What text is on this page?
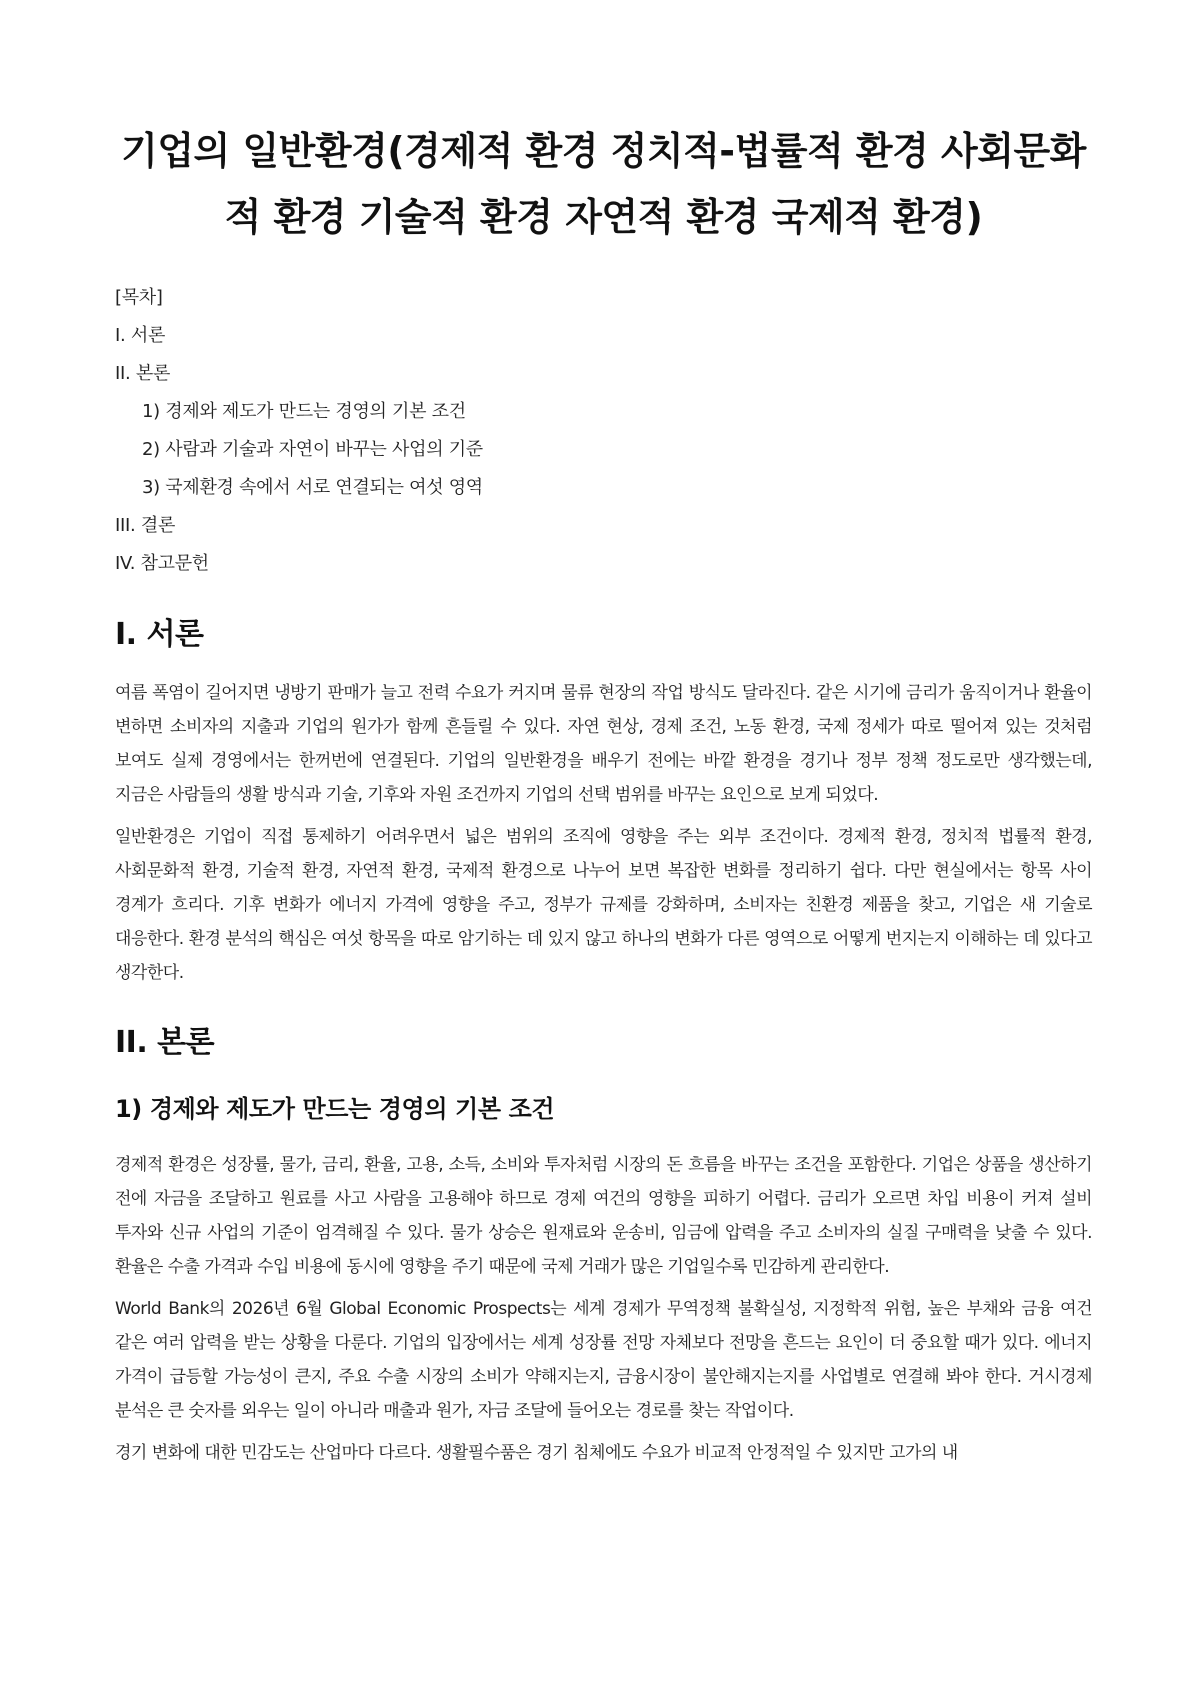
기업의 일반환경(경제적 환경 정치적-법률적 환경 사회문화적 환경 기술적 환경 자연적 환경 국제적 환경)
[목차]
I. 서론
II. 본론
1) 경제와 제도가 만드는 경영의 기본 조건
2) 사람과 기술과 자연이 바꾸는 사업의 기준
3) 국제환경 속에서 서로 연결되는 여섯 영역
III. 결론
IV. 참고문헌
I. 서론

여름 폭염이 길어지면 냉방기 판매가 늘고 전력 수요가 커지며 물류 현장의 작업 방식도 달라진다. 같은 시기에 금리가 움직이거나 환율이 변하면 소비자의 지출과 기업의 원가가 함께 흔들릴 수 있다. 자연 현상, 경제 조건, 노동 환경, 국제 정세가 따로 떨어져 있는 것처럼 보여도 실제 경영에서는 한꺼번에 연결된다. 기업의 일반환경을 배우기 전에는 바깥 환경을 경기나 정부 정책 정도로만 생각했는데, 지금은 사람들의 생활 방식과 기술, 기후와 자원 조건까지 기업의 선택 범위를 바꾸는 요인으로 보게 되었다.

일반환경은 기업이 직접 통제하기 어려우면서 넓은 범위의 조직에 영향을 주는 외부 조건이다. 경제적 환경, 정치적 법률적 환경, 사회문화적 환경, 기술적 환경, 자연적 환경, 국제적 환경으로 나누어 보면 복잡한 변화를 정리하기 쉽다. 다만 현실에서는 항목 사이 경계가 흐리다. 기후 변화가 에너지 가격에 영향을 주고, 정부가 규제를 강화하며, 소비자는 친환경 제품을 찾고, 기업은 새 기술로 대응한다. 환경 분석의 핵심은 여섯 항목을 따로 암기하는 데 있지 않고 하나의 변화가 다른 영역으로 어떻게 번지는지 이해하는 데 있다고 생각한다.

II. 본론
1) 경제와 제도가 만드는 경영의 기본 조건

경제적 환경은 성장률, 물가, 금리, 환율, 고용, 소득, 소비와 투자처럼 시장의 돈 흐름을 바꾸는 조건을 포함한다. 기업은 상품을 생산하기 전에 자금을 조달하고 원료를 사고 사람을 고용해야 하므로 경제 여건의 영향을 피하기 어렵다. 금리가 오르면 차입 비용이 커져 설비 투자와 신규 사업의 기준이 엄격해질 수 있다. 물가 상승은 원재료와 운송비, 임금에 압력을 주고 소비자의 실질 구매력을 낮출 수 있다. 환율은 수출 가격과 수입 비용에 동시에 영향을 주기 때문에 국제 거래가 많은 기업일수록 민감하게 관리한다.

World Bank의 2026년 6월 Global Economic Prospects는 세계 경제가 무역정책 불확실성, 지정학적 위험, 높은 부채와 금융 여건 같은 여러 압력을 받는 상황을 다룬다. 기업의 입장에서는 세계 성장률 전망 자체보다 전망을 흔드는 요인이 더 중요할 때가 있다. 에너지 가격이 급등할 가능성이 큰지, 주요 수출 시장의 소비가 약해지는지, 금융시장이 불안해지는지를 사업별로 연결해 봐야 한다. 거시경제 분석은 큰 숫자를 외우는 일이 아니라 매출과 원가, 자금 조달에 들어오는 경로를 찾는 작업이다.

경기 변화에 대한 민감도는 산업마다 다르다. 생활필수품은 경기 침체에도 수요가 비교적 안정적일 수 있지만 고가의 내
